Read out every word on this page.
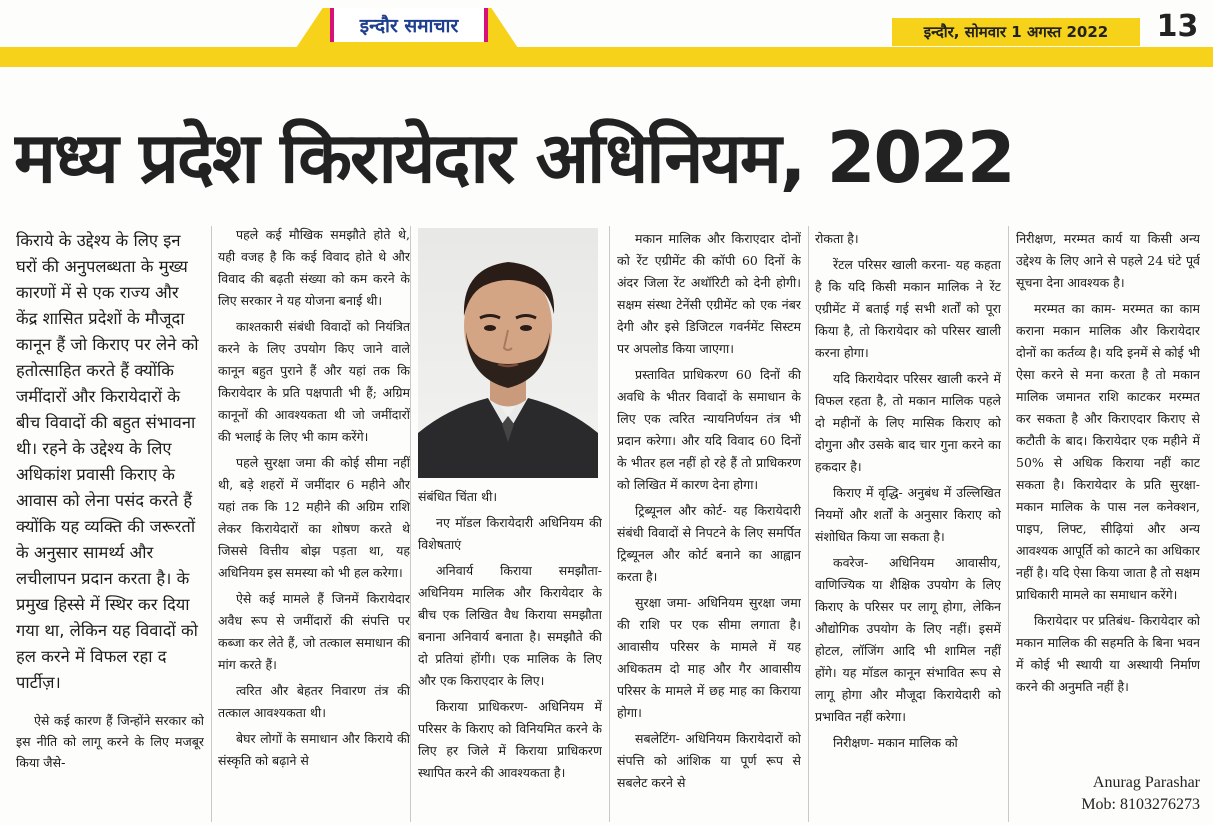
इन्दौर समाचार	इन्दौर, सोमवार 1 अगस्त 2022	13
मध्य प्रदेश किरायेदार अधिनियम, 2022

किराये के उद्देश्य के लिए इन घरों की अनुपलब्धता के मुख्य कारणों में से एक राज्य और केंद्र शासित प्रदेशों के मौजूदा कानून हैं जो किराए पर लेने को हतोत्साहित करते हैं क्योंकि जमींदारों और किरायेदारों के बीच विवादों की बहुत संभावना थी। रहने के उद्देश्य के लिए अधिकांश प्रवासी किराए के आवास को लेना पसंद करते हैं क्योंकि यह व्यक्ति की जरूरतों के अनुसार सामर्थ्य और लचीलापन प्रदान करता है। के प्रमुख हिस्से में स्थिर कर दिया गया था, लेकिन यह विवादों को हल करने में विफल रहा द पार्टीज़।

ऐसे कई कारण हैं जिन्होंने सरकार को इस नीति को लागू करने के लिए मजबूर किया जैसे-

पहले कई मौखिक समझौते होते थे, यही वजह है कि कई विवाद होते थे और विवाद की बढ़ती संख्या को कम करने के लिए सरकार ने यह योजना बनाई थी।

काश्तकारी संबंधी विवादों को नियंत्रित करने के लिए उपयोग किए जाने वाले कानून बहुत पुराने हैं और यहां तक कि किरायेदार के प्रति पक्षपाती भी हैं; अग्रिम कानूनों की आवश्यकता थी जो जमींदारों की भलाई के लिए भी काम करेंगे।

पहले सुरक्षा जमा की कोई सीमा नहीं थी, बड़े शहरों में जमींदार 6 महीने और यहां तक कि 12 महीने की अग्रिम राशि लेकर किरायेदारों का शोषण करते थे जिससे वित्तीय बोझ पड़ता था, यह अधिनियम इस समस्या को भी हल करेगा।

ऐसे कई मामले हैं जिनमें किरायेदार अवैध रूप से जमींदारों की संपत्ति पर कब्जा कर लेते हैं, जो तत्काल समाधान की मांग करते हैं।

त्वरित और बेहतर निवारण तंत्र की तत्काल आवश्यकता थी।

बेघर लोगों के समाधान और किराये की संस्कृति को बढ़ाने से

संबंधित चिंता थी।

नए मॉडल किरायेदारी अधिनियम की विशेषताएं

अनिवार्य किराया समझौता- अधिनियम मालिक और किरायेदार के बीच एक लिखित वैध किराया समझौता बनाना अनिवार्य बनाता है। समझौते की दो प्रतियां होंगी। एक मालिक के लिए और एक किराएदार के लिए।

किराया प्राधिकरण- अधिनियम में परिसर के किराए को विनियमित करने के लिए हर जिले में किराया प्राधिकरण स्थापित करने की आवश्यकता है।

मकान मालिक और किराएदार दोनों को रेंट एग्रीमेंट की कॉपी 60 दिनों के अंदर जिला रेंट अथॉरिटी को देनी होगी। सक्षम संस्था टेनेंसी एग्रीमेंट को एक नंबर देगी और इसे डिजिटल गवर्नमेंट सिस्टम पर अपलोड किया जाएगा।

प्रस्तावित प्राधिकरण 60 दिनों की अवधि के भीतर विवादों के समाधान के लिए एक त्वरित न्यायनिर्णयन तंत्र भी प्रदान करेगा। और यदि विवाद 60 दिनों के भीतर हल नहीं हो रहे हैं तो प्राधिकरण को लिखित में कारण देना होगा।

ट्रिब्यूनल और कोर्ट- यह किरायेदारी संबंधी विवादों से निपटने के लिए समर्पित ट्रिब्यूनल और कोर्ट बनाने का आह्वान करता है।

सुरक्षा जमा- अधिनियम सुरक्षा जमा की राशि पर एक सीमा लगाता है। आवासीय परिसर के मामले में यह अधिकतम दो माह और गैर आवासीय परिसर के मामले में छह माह का किराया होगा।

सबलेटिंग- अधिनियम किरायेदारों को संपत्ति को आंशिक या पूर्ण रूप से सबलेट करने से

रोकता है।

रेंटल परिसर खाली करना- यह कहता है कि यदि किसी मकान मालिक ने रेंट एग्रीमेंट में बताई गई सभी शर्तों को पूरा किया है, तो किरायेदार को परिसर खाली करना होगा।

यदि किरायेदार परिसर खाली करने में विफल रहता है, तो मकान मालिक पहले दो महीनों के लिए मासिक किराए को दोगुना और उसके बाद चार गुना करने का हकदार है।

किराए में वृद्धि- अनुबंध में उल्लिखित नियमों और शर्तों के अनुसार किराए को संशोधित किया जा सकता है।

कवरेज- अधिनियम आवासीय, वाणिज्यिक या शैक्षिक उपयोग के लिए किराए के परिसर पर लागू होगा, लेकिन औद्योगिक उपयोग के लिए नहीं। इसमें होटल, लॉजिंग आदि भी शामिल नहीं होंगे। यह मॉडल कानून संभावित रूप से लागू होगा और मौजूदा किरायेदारी को प्रभावित नहीं करेगा।

निरीक्षण- मकान मालिक को

निरीक्षण, मरम्मत कार्य या किसी अन्य उद्देश्य के लिए आने से पहले 24 घंटे पूर्व सूचना देना आवश्यक है।

मरम्मत का काम- मरम्मत का काम कराना मकान मालिक और किरायेदार दोनों का कर्तव्य है। यदि इनमें से कोई भी ऐसा करने से मना करता है तो मकान मालिक जमानत राशि काटकर मरम्मत कर सकता है और किराएदार किराए से कटौती के बाद। किरायेदार एक महीने में 50% से अधिक किराया नहीं काट सकता है। किरायेदार के प्रति सुरक्षा- मकान मालिक के पास नल कनेक्शन, पाइप, लिफ्ट, सीढ़ियां और अन्य आवश्यक आपूर्ति को काटने का अधिकार नहीं है। यदि ऐसा किया जाता है तो सक्षम प्राधिकारी मामले का समाधान करेंगे।

किरायेदार पर प्रतिबंध- किरायेदार को मकान मालिक की सहमति के बिना भवन में कोई भी स्थायी या अस्थायी निर्माण करने की अनुमति नहीं है।

Anurag Parashar
Mob: 8103276273
